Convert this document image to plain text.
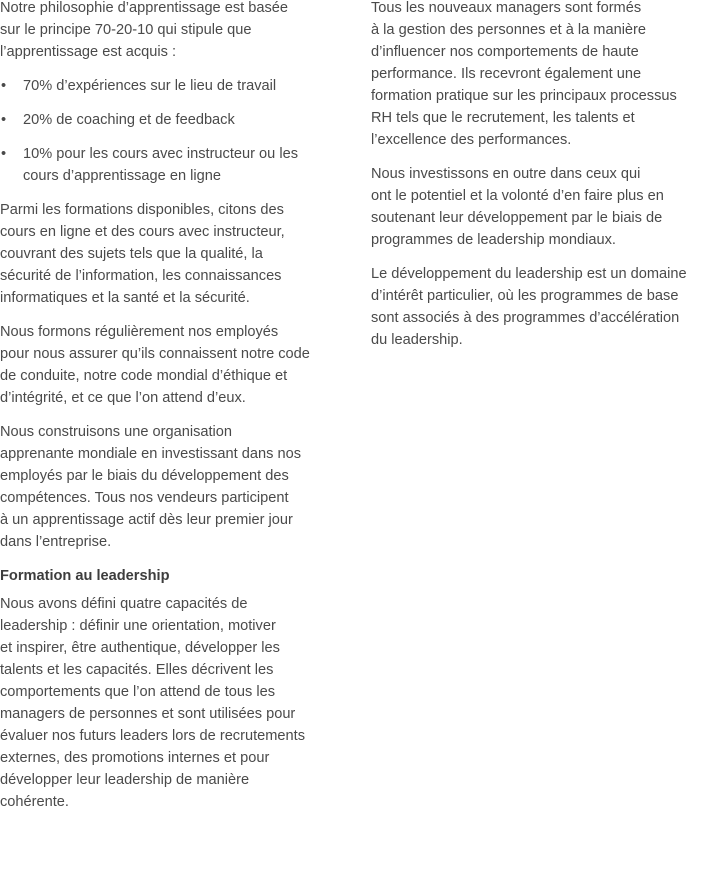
Notre philosophie d’apprentissage est basée
sur le principe 70-20-10 qui stipule que
l’apprentissage est acquis :

• 70% d’expériences sur le lieu de travail
• 20% de coaching et de feedback
• 10% pour les cours avec instructeur ou les
cours d’apprentissage en ligne

Parmi les formations disponibles, citons des
cours en ligne et des cours avec instructeur,
couvrant des sujets tels que la qualité, la
sécurité de l’information, les connaissances
informatiques et la santé et la sécurité.

Nous formons régulièrement nos employés
pour nous assurer qu’ils connaissent notre code
de conduite, notre code mondial d’éthique et
d’intégrité, et ce que l’on attend d’eux.

Nous construisons une organisation
apprenante mondiale en investissant dans nos
employés par le biais du développement des
compétences. Tous nos vendeurs participent
à un apprentissage actif dès leur premier jour
dans l’entreprise.

Formation au leadership

Nous avons défini quatre capacités de
leadership : définir une orientation, motiver
et inspirer, être authentique, développer les
talents et les capacités. Elles décrivent les
comportements que l’on attend de tous les
managers de personnes et sont utilisées pour
évaluer nos futurs leaders lors de recrutements
externes, des promotions internes et pour
développer leur leadership de manière
cohérente.

Tous les nouveaux managers sont formés
à la gestion des personnes et à la manière
d’influencer nos comportements de haute
performance. Ils recevront également une
formation pratique sur les principaux processus
RH tels que le recrutement, les talents et
l’excellence des performances.

Nous investissons en outre dans ceux qui
ont le potentiel et la volonté d’en faire plus en
soutenant leur développement par le biais de
programmes de leadership mondiaux.

Le développement du leadership est un domaine
d’intérêt particulier, où les programmes de base
sont associés à des programmes d’accélération
du leadership.
